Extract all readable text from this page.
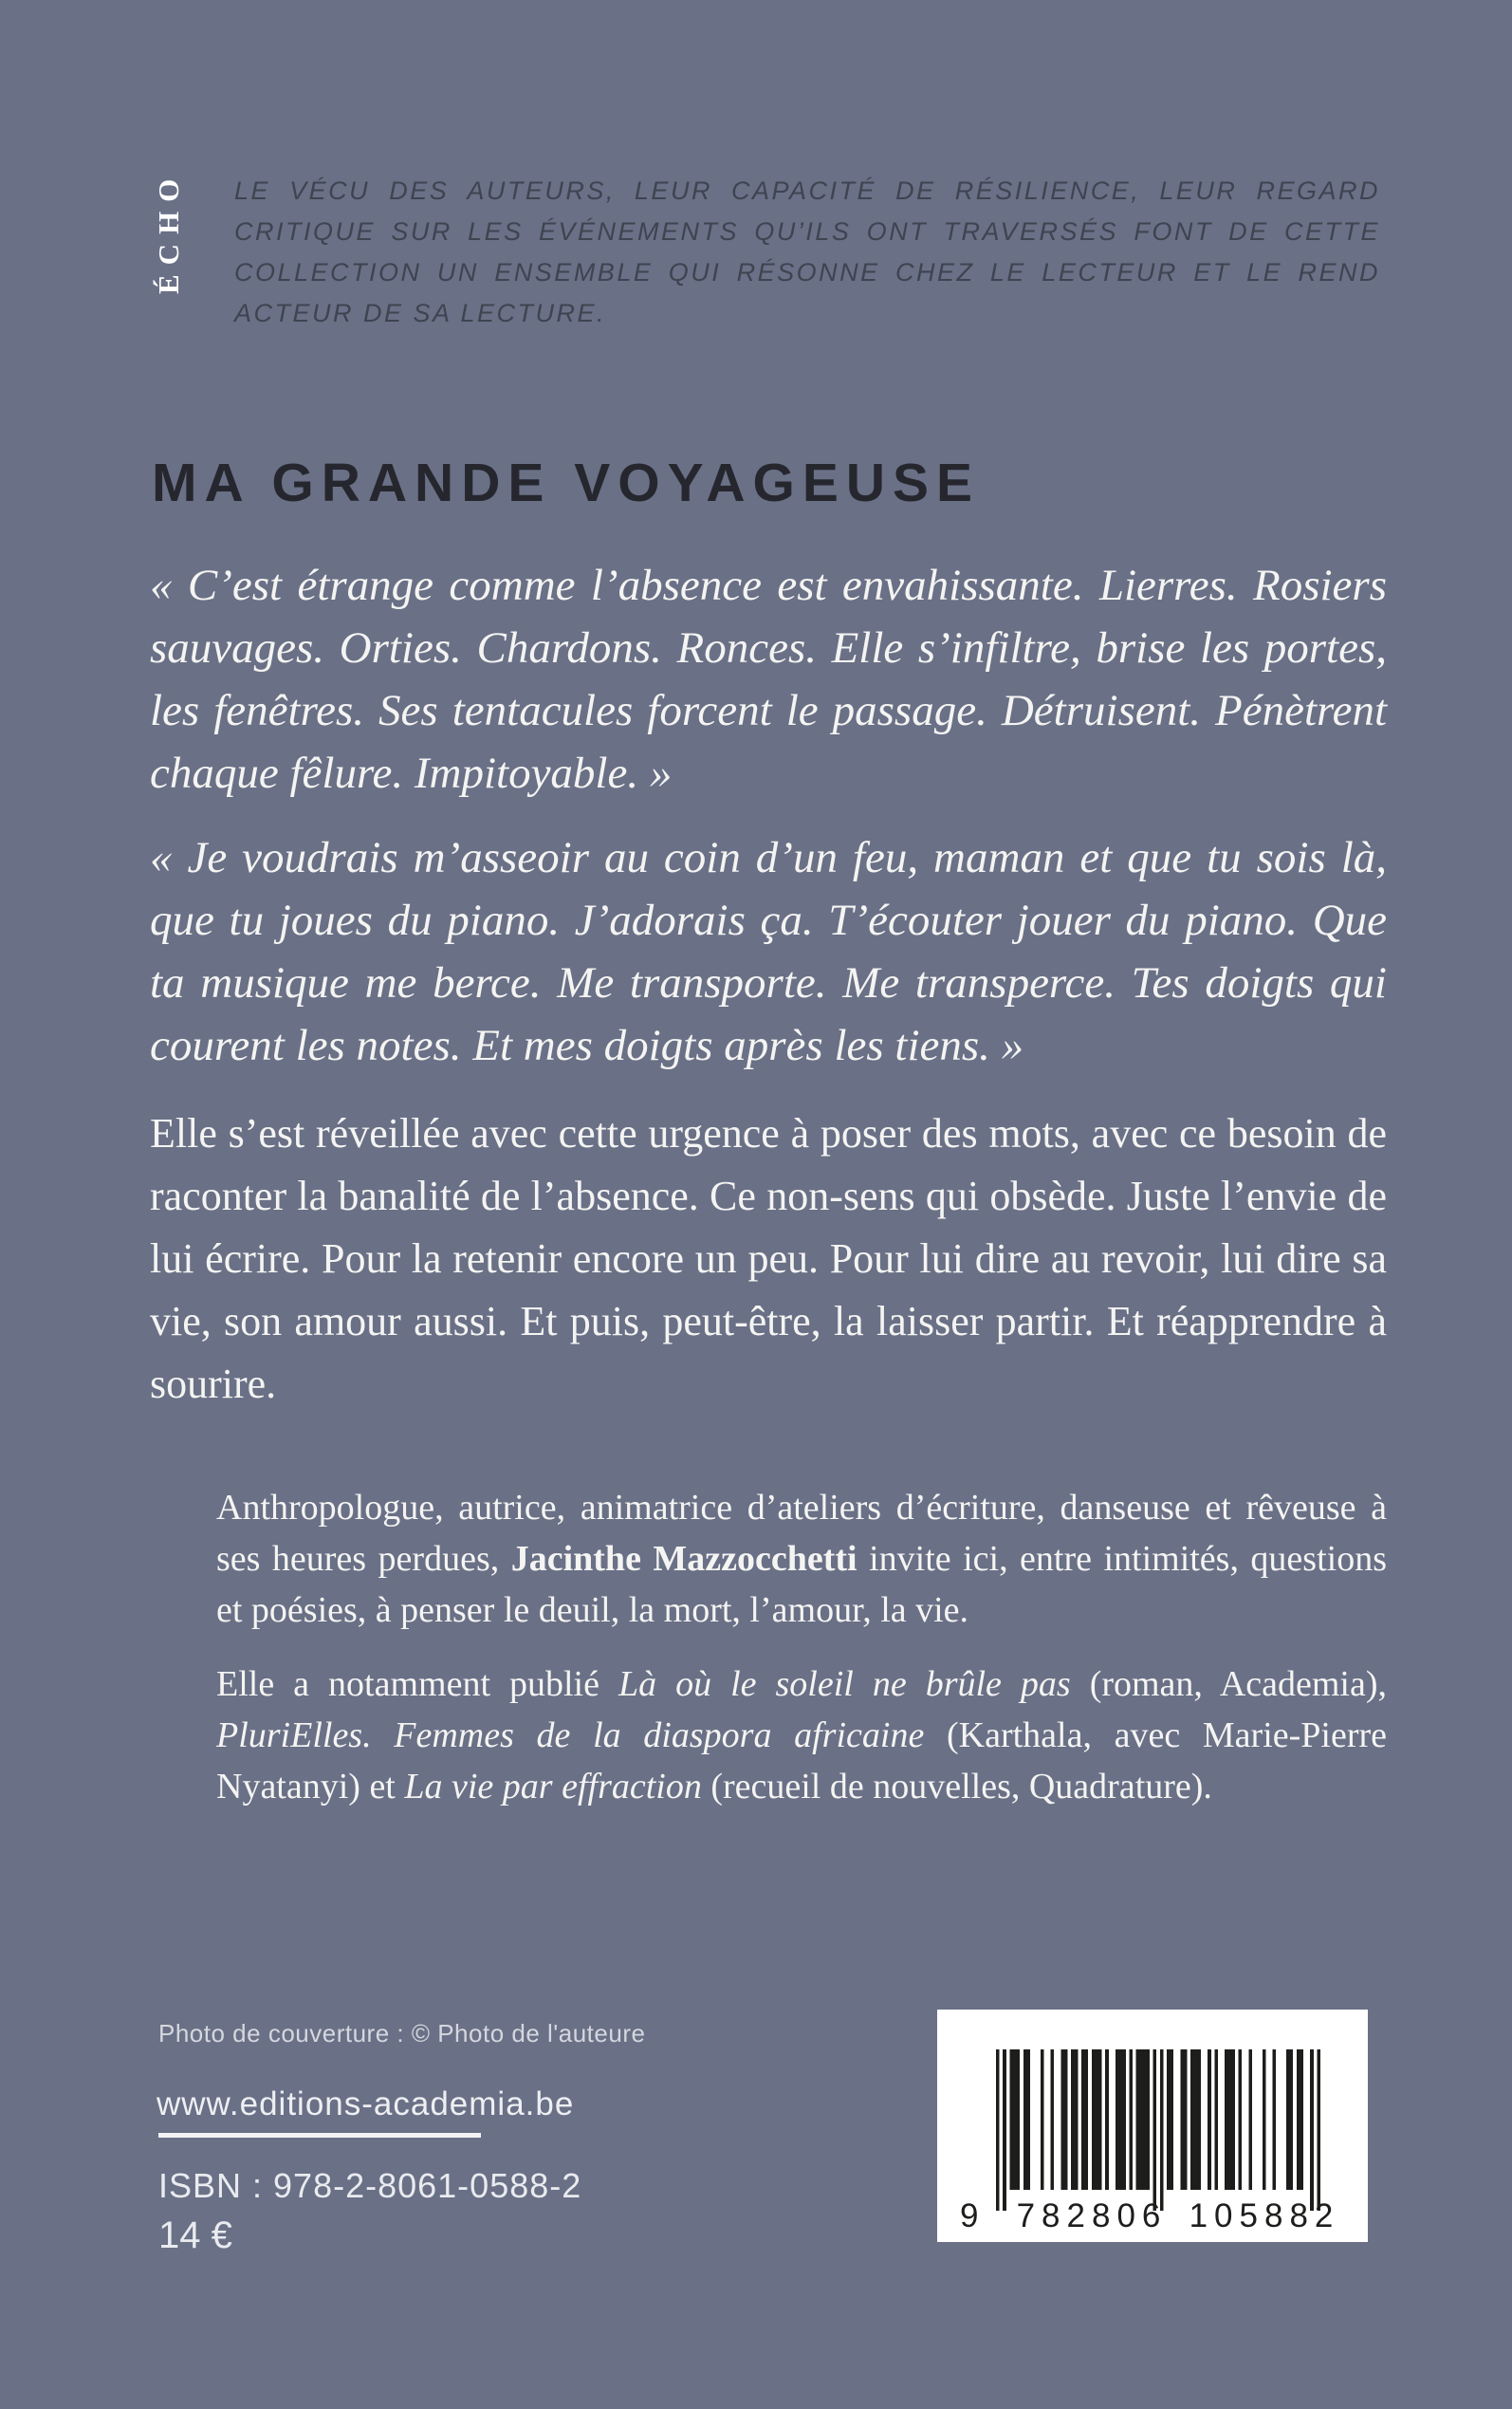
ÉCHO	LE VÉCU DES AUTEURS, LEUR CAPACITÉ DE RÉSILIENCE, LEUR REGARD CRITIQUE SUR LES ÉVÉNEMENTS QU’ILS ONT TRAVERSÉS FONT DE CETTE COLLECTION UN ENSEMBLE QUI RÉSONNE CHEZ LE LECTEUR ET LE REND ACTEUR DE SA LECTURE.

MA GRANDE VOYAGEUSE

« C’est étrange comme l’absence est envahissante. Lierres. Rosiers sauvages. Orties. Chardons. Ronces. Elle s’infiltre, brise les portes, les fenêtres. Ses tentacules forcent le passage. Détruisent. Pénètrent chaque fêlure. Impitoyable. »

« Je voudrais m’asseoir au coin d’un feu, maman et que tu sois là, que tu joues du piano. J’adorais ça. T’écouter jouer du piano. Que ta musique me berce. Me transporte. Me transperce. Tes doigts qui courent les notes. Et mes doigts après les tiens. »

Elle s’est réveillée avec cette urgence à poser des mots, avec ce besoin de raconter la banalité de l’absence. Ce non-sens qui obsède. Juste l’envie de lui écrire. Pour la retenir encore un peu. Pour lui dire au revoir, lui dire sa vie, son amour aussi. Et puis, peut-être, la laisser partir. Et réapprendre à sourire.

Anthropologue, autrice, animatrice d’ateliers d’écriture, danseuse et rêveuse à ses heures perdues, Jacinthe Mazzocchetti invite ici, entre intimités, questions et poésies, à penser le deuil, la mort, l’amour, la vie.

Elle a notamment publié Là où le soleil ne brûle pas (roman, Academia), PluriElles. Femmes de la diaspora africaine (Karthala, avec Marie-Pierre Nyatanyi) et La vie par effraction (recueil de nouvelles, Quadrature).

Photo de couverture : © Photo de l'auteure

www.editions-academia.be

ISBN : 978-2-8061-0588-2

14 €	9	782806 105882
